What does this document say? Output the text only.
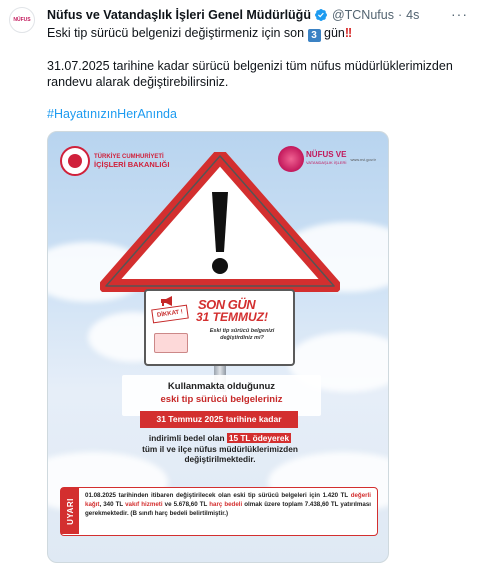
NÜFUS Nüfus ve Vatandaşlık İşleri Genel Müdürlüğü @TCNufus · 4s ···

Eski tip sürücü belgenizi değiştirmeniz için son 3 gün!!

31.07.2025 tarihine kadar sürücü belgenizi tüm nüfus müdürlüklerimizden randevu alarak değiştirebilirsiniz.

#HayatınızınHerAnında

TÜRKİYE CUMHURİYETİ
İÇİŞLERİ BAKANLIĞI
NÜFUS VE
VATANDAŞLIK İŞLERİ
www.nvi.gov.tr
DİKKAT !
SON GÜN
31 TEMMUZ!
Eski tip sürücü belgenizi değiştirdiniz mi?
Kullanmakta olduğunuz
eski tip sürücü belgeleriniz
31 Temmuz 2025 tarihine kadar
indirimli bedel olan 15 TL ödeyerek
tüm il ve ilçe nüfus müdürlüklerimizden
değiştirilmektedir.
UYARI
01.08.2025 tarihinden itibaren değiştirilecek olan eski tip sürücü belgeleri için 1.420 TL değerli kağıt, 340 TL vakıf hizmeti ve 5.678,60 TL harç bedeli olmak üzere toplam 7.438,60 TL yatırılması gerekmektedir. (B sınıfı harç bedeli belirtilmiştir.)
